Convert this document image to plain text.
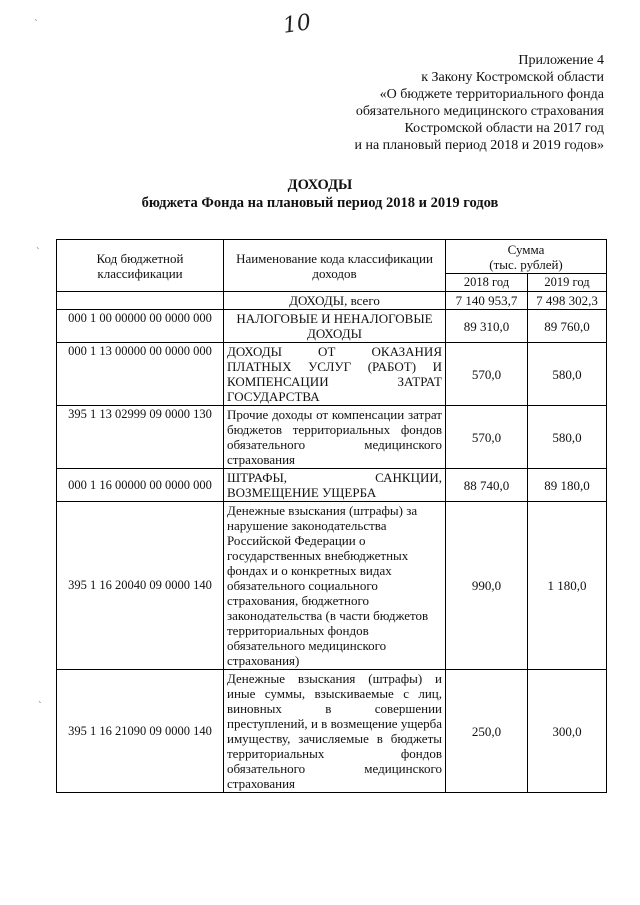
10
`
`
`
Приложение 4
к Закону Костромской области
«О бюджете территориального фонда
обязательного медицинского страхования
Костромской области на 2017 год
и на плановый период 2018 и 2019 годов»
ДОХОДЫ
бюджета Фонда на плановый период 2018 и 2019 годов
Код бюджетной классификации	Наименование кода классификации доходов	Сумма
(тыс. рублей)	

		2018 год	2019 год
	ДОХОДЫ, всего	7 140 953,7	7 498 302,3
000 1 00 00000 00 0000 000	НАЛОГОВЫЕ И НЕНАЛОГОВЫЕ ДОХОДЫ	89 310,0	89 760,0
000 1 13 00000 00 0000 000	ДОХОДЫ ОТ ОКАЗАНИЯ ПЛАТНЫХ УСЛУГ (РАБОТ) И КОМПЕНСАЦИИ ЗАТРАТ ГОСУДАРСТВА	570,0	580,0
395 1 13 02999 09 0000 130	Прочие доходы от компенсации затрат бюджетов территориальных фондов обязательного медицинского страхования	570,0	580,0
000 1 16 00000 00 0000 000	ШТРАФЫ, САНКЦИИ, ВОЗМЕЩЕНИЕ УЩЕРБА	88 740,0	89 180,0
395 1 16 20040 09 0000 140	Денежные взыскания (штрафы) за нарушение законодательства Российской Федерации о государственных внебюджетных фондах и о конкретных видах обязательного социального страхования, бюджетного законодательства (в части бюджетов территориальных фондов обязательного медицинского страхования)	990,0	1 180,0
395 1 16 21090 09 0000 140	Денежные взыскания (штрафы) и иные суммы, взыскиваемые с лиц, виновных в совершении преступлений, и в возмещение ущерба имуществу, зачисляемые в бюджеты территориальных фондов обязательного медицинского страхования	250,0	300,0
